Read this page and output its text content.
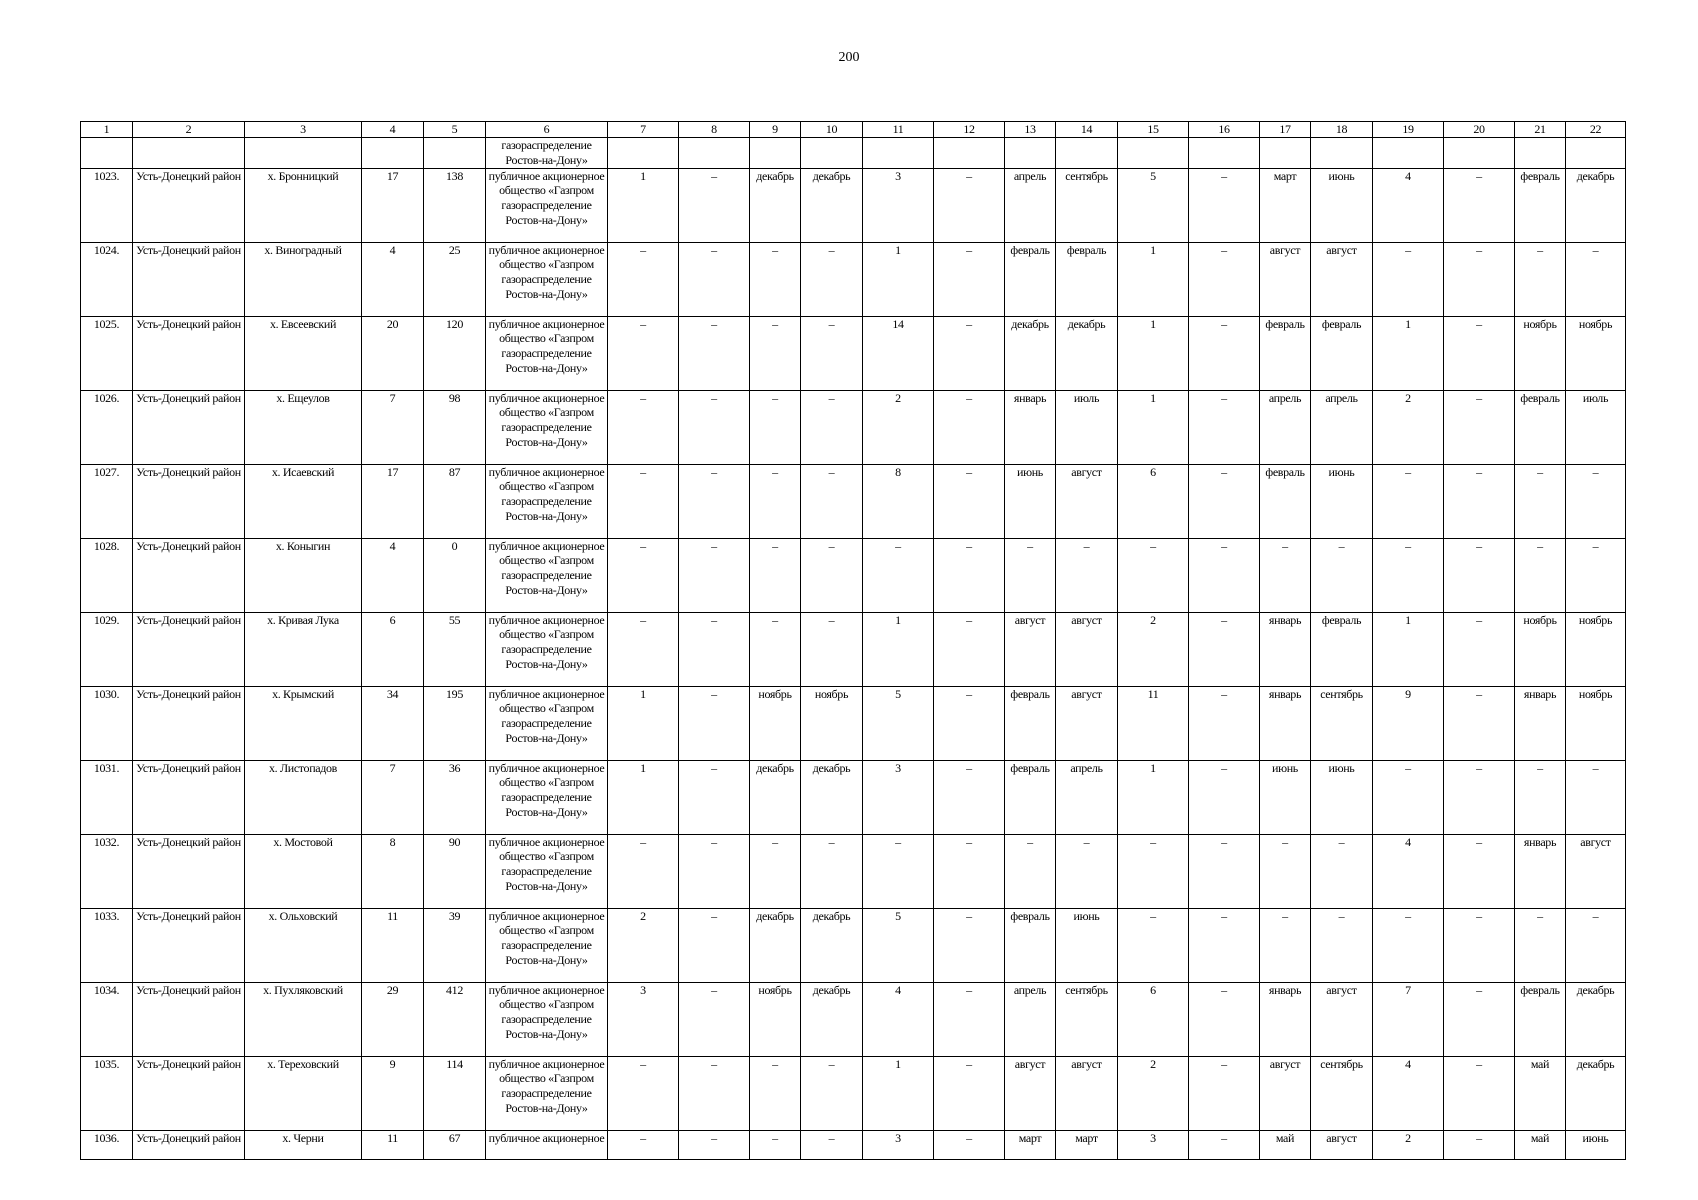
200
1	2	3	4	5	6	7	8	9	10	11	12	13	14	15	16	17	18	19	20	21	22
					газораспределение Ростов-на-Дону»																
1023.	Усть-Донецкий район	х. Бронницкий	17	138	публичное акционерное общество «Газпром газораспределение Ростов-на-Дону»	1	–	декабрь	декабрь	3	–	апрель	сентябрь	5	–	март	июнь	4	–	февраль	декабрь
1024.	Усть-Донецкий район	х. Виноградный	4	25	публичное акционерное общество «Газпром газораспределение Ростов-на-Дону»	–	–	–	–	1	–	февраль	февраль	1	–	август	август	–	–	–	–
1025.	Усть-Донецкий район	х. Евсеевский	20	120	публичное акционерное общество «Газпром газораспределение Ростов-на-Дону»	–	–	–	–	14	–	декабрь	декабрь	1	–	февраль	февраль	1	–	ноябрь	ноябрь
1026.	Усть-Донецкий район	х. Ещеулов	7	98	публичное акционерное общество «Газпром газораспределение Ростов-на-Дону»	–	–	–	–	2	–	январь	июль	1	–	апрель	апрель	2	–	февраль	июль
1027.	Усть-Донецкий район	х. Исаевский	17	87	публичное акционерное общество «Газпром газораспределение Ростов-на-Дону»	–	–	–	–	8	–	июнь	август	6	–	февраль	июнь	–	–	–	–
1028.	Усть-Донецкий район	х. Коныгин	4	0	публичное акционерное общество «Газпром газораспределение Ростов-на-Дону»	–	–	–	–	–	–	–	–	–	–	–	–	–	–	–	–
1029.	Усть-Донецкий район	х. Кривая Лука	6	55	публичное акционерное общество «Газпром газораспределение Ростов-на-Дону»	–	–	–	–	1	–	август	август	2	–	январь	февраль	1	–	ноябрь	ноябрь
1030.	Усть-Донецкий район	х. Крымский	34	195	публичное акционерное общество «Газпром газораспределение Ростов-на-Дону»	1	–	ноябрь	ноябрь	5	–	февраль	август	11	–	январь	сентябрь	9	–	январь	ноябрь
1031.	Усть-Донецкий район	х. Листопадов	7	36	публичное акционерное общество «Газпром газораспределение Ростов-на-Дону»	1	–	декабрь	декабрь	3	–	февраль	апрель	1	–	июнь	июнь	–	–	–	–
1032.	Усть-Донецкий район	х. Мостовой	8	90	публичное акционерное общество «Газпром газораспределение Ростов-на-Дону»	–	–	–	–	–	–	–	–	–	–	–	–	4	–	январь	август
1033.	Усть-Донецкий район	х. Ольховский	11	39	публичное акционерное общество «Газпром газораспределение Ростов-на-Дону»	2	–	декабрь	декабрь	5	–	февраль	июнь	–	–	–	–	–	–	–	–
1034.	Усть-Донецкий район	х. Пухляковский	29	412	публичное акционерное общество «Газпром газораспределение Ростов-на-Дону»	3	–	ноябрь	декабрь	4	–	апрель	сентябрь	6	–	январь	август	7	–	февраль	декабрь
1035.	Усть-Донецкий район	х. Тереховский	9	114	публичное акционерное общество «Газпром газораспределение Ростов-на-Дону»	–	–	–	–	1	–	август	август	2	–	август	сентябрь	4	–	май	декабрь
1036.	Усть-Донецкий район	х. Черни	11	67	публичное акционерное	–	–	–	–	3	–	март	март	3	–	май	август	2	–	май	июнь
